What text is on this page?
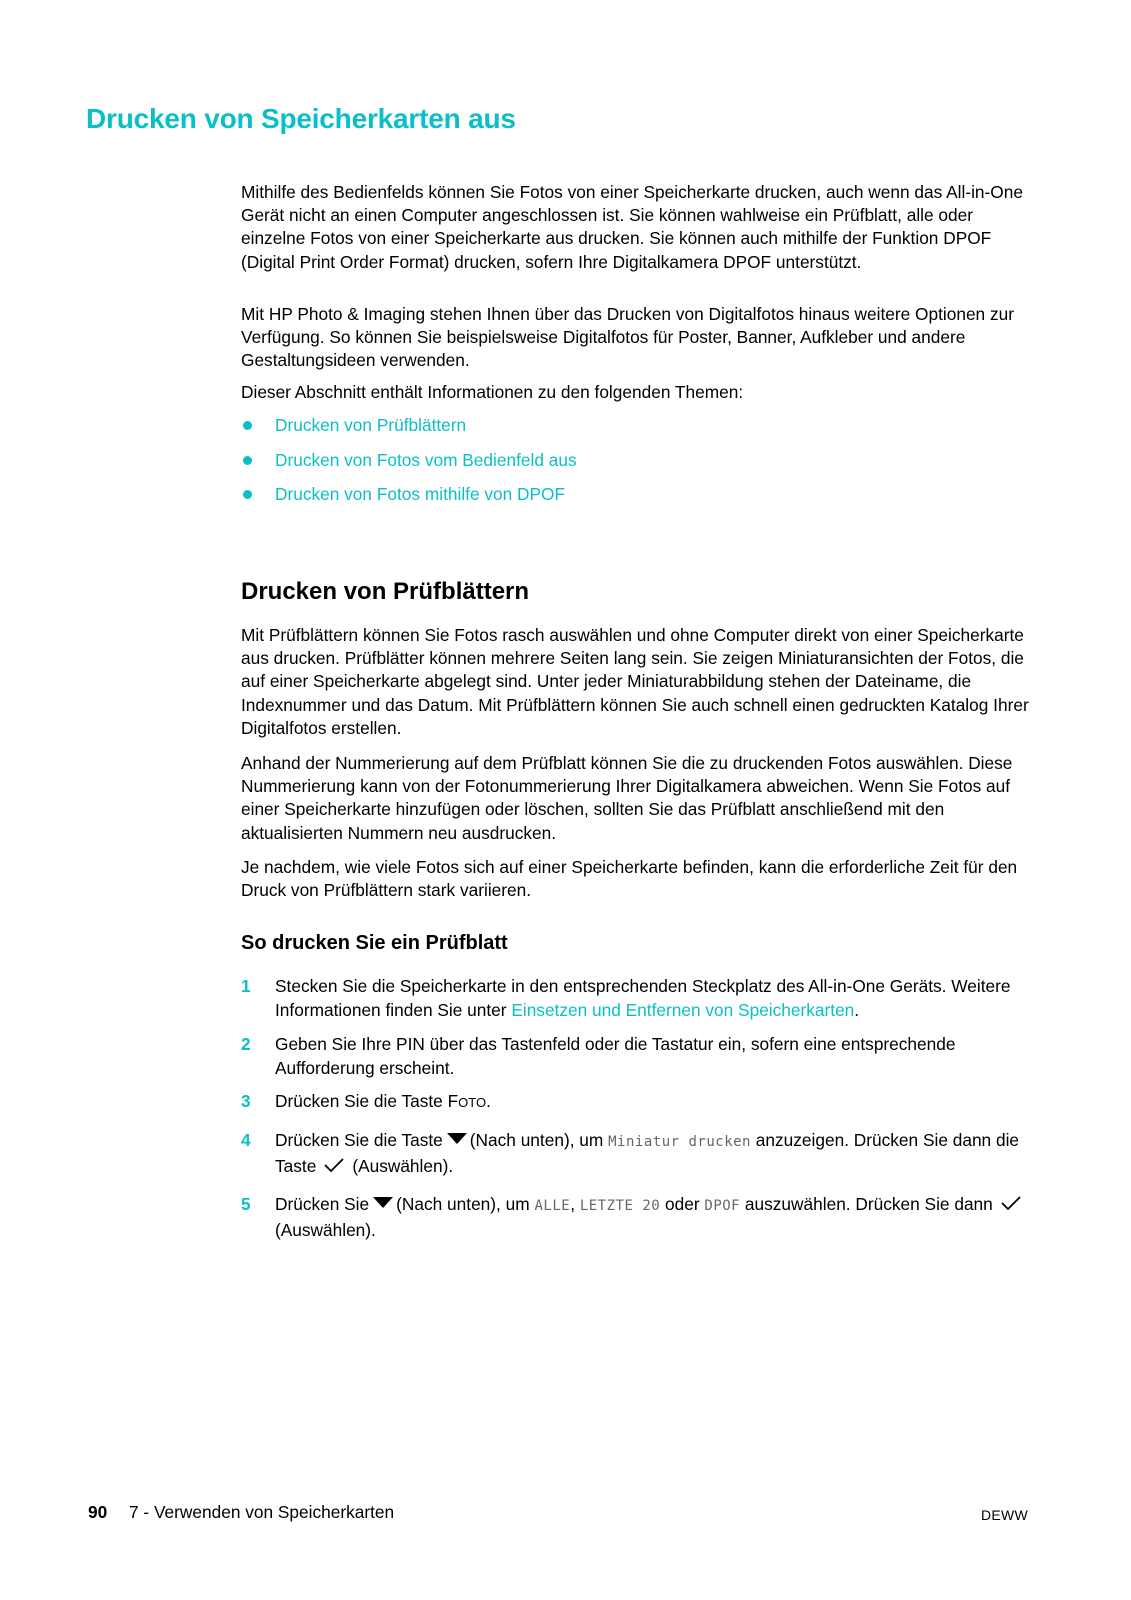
Drucken von Speicherkarten aus

Mithilfe des Bedienfelds können Sie Fotos von einer Speicherkarte drucken, auch wenn das All-in-One Gerät nicht an einen Computer angeschlossen ist. Sie können wahlweise ein Prüfblatt, alle oder einzelne Fotos von einer Speicherkarte aus drucken. Sie können auch mithilfe der Funktion DPOF (Digital Print Order Format) drucken, sofern Ihre Digitalkamera DPOF unterstützt.

Mit HP Photo & Imaging stehen Ihnen über das Drucken von Digitalfotos hinaus weitere Optionen zur Verfügung. So können Sie beispielsweise Digitalfotos für Poster, Banner, Aufkleber und andere Gestaltungsideen verwenden.

Dieser Abschnitt enthält Informationen zu den folgenden Themen:

Drucken von Prüfblättern
Drucken von Fotos vom Bedienfeld aus
Drucken von Fotos mithilfe von DPOF
Drucken von Prüfblättern

Mit Prüfblättern können Sie Fotos rasch auswählen und ohne Computer direkt von einer Speicherkarte aus drucken. Prüfblätter können mehrere Seiten lang sein. Sie zeigen Miniaturansichten der Fotos, die auf einer Speicherkarte abgelegt sind. Unter jeder Miniaturabbildung stehen der Dateiname, die Indexnummer und das Datum. Mit Prüfblättern können Sie auch schnell einen gedruckten Katalog Ihrer Digitalfotos erstellen.

Anhand der Nummerierung auf dem Prüfblatt können Sie die zu druckenden Fotos auswählen. Diese Nummerierung kann von der Fotonummerierung Ihrer Digitalkamera abweichen. Wenn Sie Fotos auf einer Speicherkarte hinzufügen oder löschen, sollten Sie das Prüfblatt anschließend mit den aktualisierten Nummern neu ausdrucken.

Je nachdem, wie viele Fotos sich auf einer Speicherkarte befinden, kann die erforderliche Zeit für den Druck von Prüfblättern stark variieren.

So drucken Sie ein Prüfblatt
1 Stecken Sie die Speicherkarte in den entsprechenden Steckplatz des All-in-One Geräts. Weitere Informationen finden Sie unter Einsetzen und Entfernen von Speicherkarten.
2 Geben Sie Ihre PIN über das Tastenfeld oder die Tastatur ein, sofern eine entsprechende Aufforderung erscheint.
3 Drücken Sie die Taste FOTO.
4 Drücken Sie die Taste (Nach unten), um Miniatur drucken anzuzeigen. Drücken Sie dann die Taste (Auswählen).
5 Drücken Sie (Nach unten), um ALLE, LETZTE 20 oder DPOF auszuwählen. Drücken Sie dann(Auswählen).
90 7 - Verwenden von Speicherkarten	DEWW
